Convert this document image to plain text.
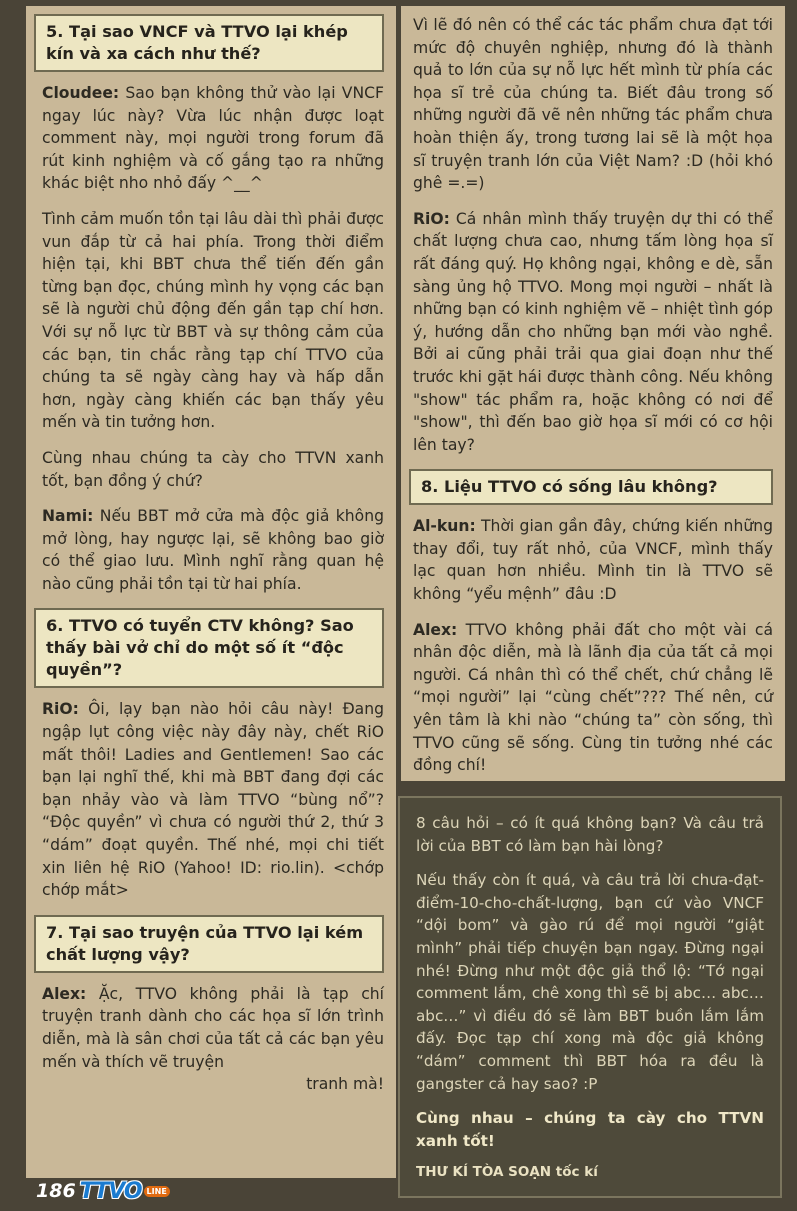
5. Tại sao VNCF và TTVO lại khép kín và xa cách như thế?

Cloudee: Sao bạn không thử vào lại VNCF ngay lúc này? Vừa lúc nhận được loạt comment này, mọi người trong forum đã rút kinh nghiệm và cố gắng tạo ra những khác biệt nho nhỏ đấy ^__^

Tình cảm muốn tồn tại lâu dài thì phải được vun đắp từ cả hai phía. Trong thời điểm hiện tại, khi BBT chưa thể tiến đến gần từng bạn đọc, chúng mình hy vọng các bạn sẽ là người chủ động đến gần tạp chí hơn. Với sự nỗ lực từ BBT và sự thông cảm của các bạn, tin chắc rằng tạp chí TTVO của chúng ta sẽ ngày càng hay và hấp dẫn hơn, ngày càng khiến các bạn thấy yêu mến và tin tưởng hơn.

Cùng nhau chúng ta cày cho TTVN xanh tốt, bạn đồng ý chứ?

Nami: Nếu BBT mở cửa mà độc giả không mở lòng, hay ngược lại, sẽ không bao giờ có thể giao lưu. Mình nghĩ rằng quan hệ nào cũng phải tồn tại từ hai phía.

6. TTVO có tuyển CTV không? Sao thấy bài vở chỉ do một số ít “độc quyền”?

RiO: Ôi, lạy bạn nào hỏi câu này! Đang ngập lụt công việc này đây này, chết RiO mất thôi! Ladies and Gentlemen! Sao các bạn lại nghĩ thế, khi mà BBT đang đợi các bạn nhảy vào và làm TTVO “bùng nổ”? “Độc quyền” vì chưa có người thứ 2, thứ 3 “dám” đoạt quyền. Thế nhé, mọi chi tiết xin liên hệ RiO (Yahoo! ID: rio.lin). <chớp chớp mắt>

7. Tại sao truyện của TTVO lại kém chất lượng vậy?

Alex: Ặc, TTVO không phải là tạp chí truyện tranh dành cho các họa sĩ lớn trình diễn, mà là sân chơi của tất cả các bạn yêu mến và thích vẽ truyện

tranh mà!

Vì lẽ đó nên có thể các tác phẩm chưa đạt tới mức độ chuyên nghiệp, nhưng đó là thành quả to lớn của sự nỗ lực hết mình từ phía các họa sĩ trẻ của chúng ta. Biết đâu trong số những người đã vẽ nên những tác phẩm chưa hoàn thiện ấy, trong tương lai sẽ là một họa sĩ truyện tranh lớn của Việt Nam? :D (hỏi khó ghê =.=)

RiO: Cá nhân mình thấy truyện dự thi có thể chất lượng chưa cao, nhưng tấm lòng họa sĩ rất đáng quý. Họ không ngại, không e dè, sẵn sàng ủng hộ TTVO. Mong mọi người – nhất là những bạn có kinh nghiệm vẽ – nhiệt tình góp ý, hướng dẫn cho những bạn mới vào nghề. Bởi ai cũng phải trải qua giai đoạn như thế trước khi gặt hái được thành công. Nếu không "show" tác phẩm ra, hoặc không có nơi để "show", thì đến bao giờ họa sĩ mới có cơ hội lên tay?

8. Liệu TTVO có sống lâu không?

Al-kun: Thời gian gần đây, chứng kiến những thay đổi, tuy rất nhỏ, của VNCF, mình thấy lạc quan hơn nhiều. Mình tin là TTVO sẽ không “yểu mệnh” đâu :D

Alex: TTVO không phải đất cho một vài cá nhân độc diễn, mà là lãnh địa của tất cả mọi người. Cá nhân thì có thể chết, chứ chẳng lẽ “mọi người” lại “cùng chết”??? Thế nên, cứ yên tâm là khi nào “chúng ta” còn sống, thì TTVO cũng sẽ sống. Cùng tin tưởng nhé các đồng chí!

8 câu hỏi – có ít quá không bạn? Và câu trả lời của BBT có làm bạn hài lòng?

Nếu thấy còn ít quá, và câu trả lời chưa-đạt-điểm-10-cho-chất-lượng, bạn cứ vào VNCF “dội bom” và gào rú để mọi người “giật mình” phải tiếp chuyện bạn ngay. Đừng ngại nhé! Đừng như một độc giả thổ lộ: “Tớ ngại comment lắm, chê xong thì sẽ bị abc… abc… abc…” vì điều đó sẽ làm BBT buồn lắm lắm đấy. Đọc tạp chí xong mà độc giả không “dám” comment thì BBT hóa ra đều là gangster cả hay sao? :P

Cùng nhau – chúng ta cày cho TTVN xanh tốt!

THƯ KÍ TÒA SOẠN tốc kí
186 TTVO LINE
